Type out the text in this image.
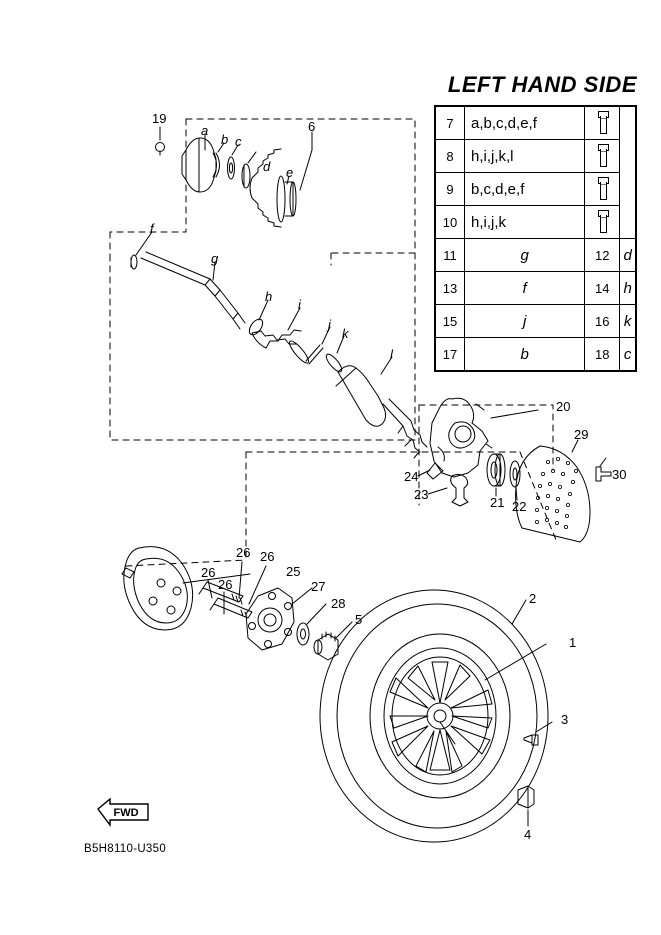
LEFT HAND SIDE
7	a,b,c,d,e,f		

8	h,i,j,k,l		

9	b,c,d,e,f		

10	h,i,j,k		

11	g	12	d
13	f	14	h
15	j	16	k
17	b	18	c
19
6
20
29
30
24
23
21 22
26 26
26
26
25
27
28
5
2
1
3
4
a
b c
d e
f
g
h
i
j
k
l
FWD
B5H8110-U350
